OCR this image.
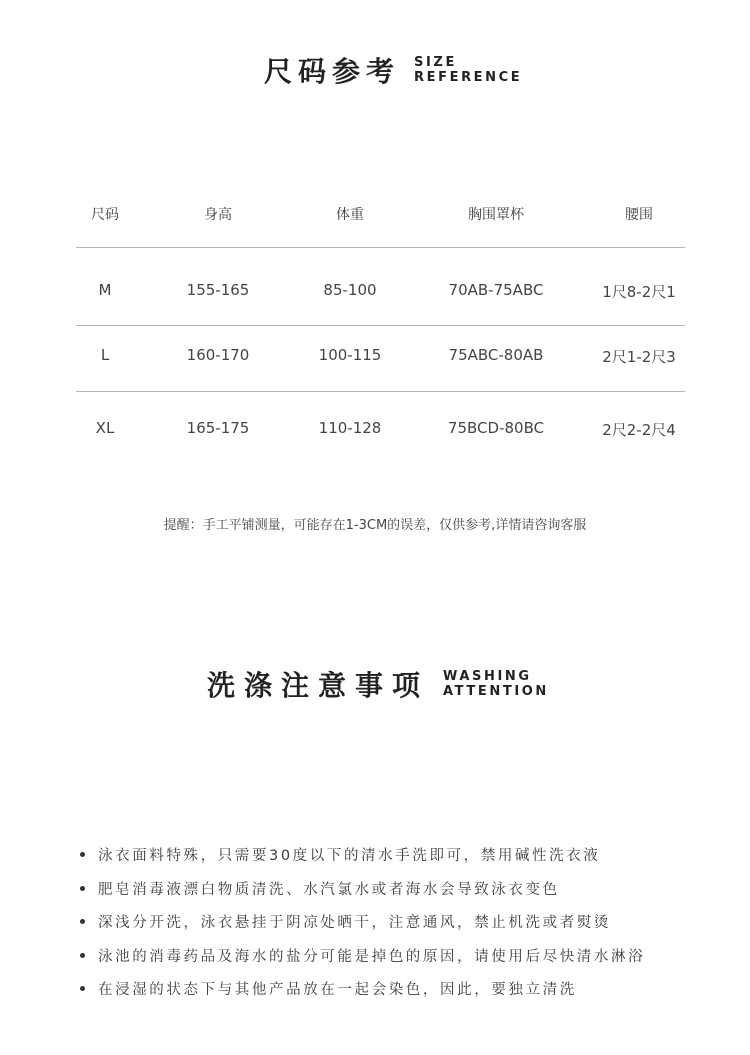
尺码参考 SIZE
REFERENCE
尺码	身高	体重	胸围罩杯	腰围
M	155-165	85-100	70AB-75ABC	1尺8-2尺1
L	160-170	100-115	75ABC-80AB	2尺1-2尺3
XL	165-175	110-128	75BCD-80BC	2尺2-2尺4
提醒：手工平铺测量，可能存在1-3CM的误差，仅供参考,详情请咨询客服
洗涤注意事项 WASHING
ATTENTION
泳衣面料特殊，只需要30度以下的清水手洗即可，禁用碱性洗衣液
肥皂消毒液漂白物质清洗、水汽氯水或者海水会导致泳衣变色
深浅分开洗，泳衣悬挂于阴凉处晒干，注意通风，禁止机洗或者熨烫
泳池的消毒药品及海水的盐分可能是掉色的原因，请使用后尽快清水淋浴
在浸湿的状态下与其他产品放在一起会染色，因此，要独立清洗
